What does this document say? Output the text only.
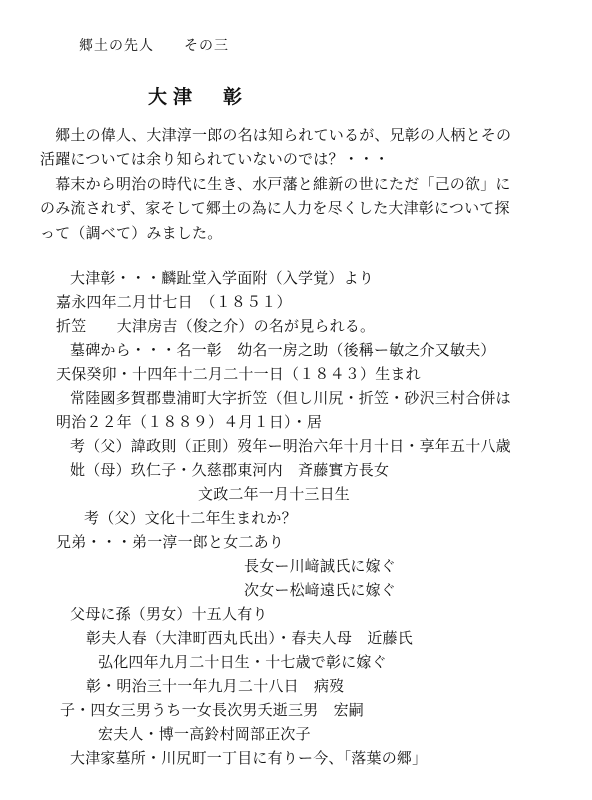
郷土の先人　　その三
大津　彰
　郷土の偉人、大津淳一郎の名は知られているが、兄彰の人柄とその
活躍については余り知られていないのでは？・・・
　幕末から明治の時代に生き、水戸藩と維新の世にただ「己の欲」に
のみ流されず、家そして郷土の為に人力を尽くした大津彰について探
って（調べて）みました。
大津彰・・・麟趾堂入学面附（入学覚）より
嘉永四年二月廿七日　（１８５１）
折笠　　大津房吉（俊之介）の名が見られる。
墓碑から・・・名一彰　幼名一房之助（後稱ー敏之介又敏夫）
天保癸卯・十四年十二月二十一日（１８４３）生まれ
常陸國多賀郡豊浦町大字折笠（但し川尻・折笠・砂沢三村合併は
明治２２年（１８８９）４月１日）・居
考（父）諱政則（正則）歿年ー明治六年十月十日・享年五十八歳
妣（母）玖仁子・久慈郡東河内　斉藤實方長女
文政二年一月十三日生
考（父）文化十二年生まれか？
兄弟・・・弟一淳一郎と女二あり
長女ー川﨑誠氏に嫁ぐ
次女ー松﨑遠氏に嫁ぐ
父母に孫（男女）十五人有り
彰夫人春（大津町西丸氏出）・春夫人母　近藤氏
弘化四年九月二十日生・十七歳で彰に嫁ぐ
彰・明治三十一年九月二十八日　病歿
子・四女三男うち一女長次男夭逝三男　宏嗣
宏夫人・博一高鈴村岡部正次子
大津家墓所・川尻町一丁目に有りー今、「落葉の郷」
